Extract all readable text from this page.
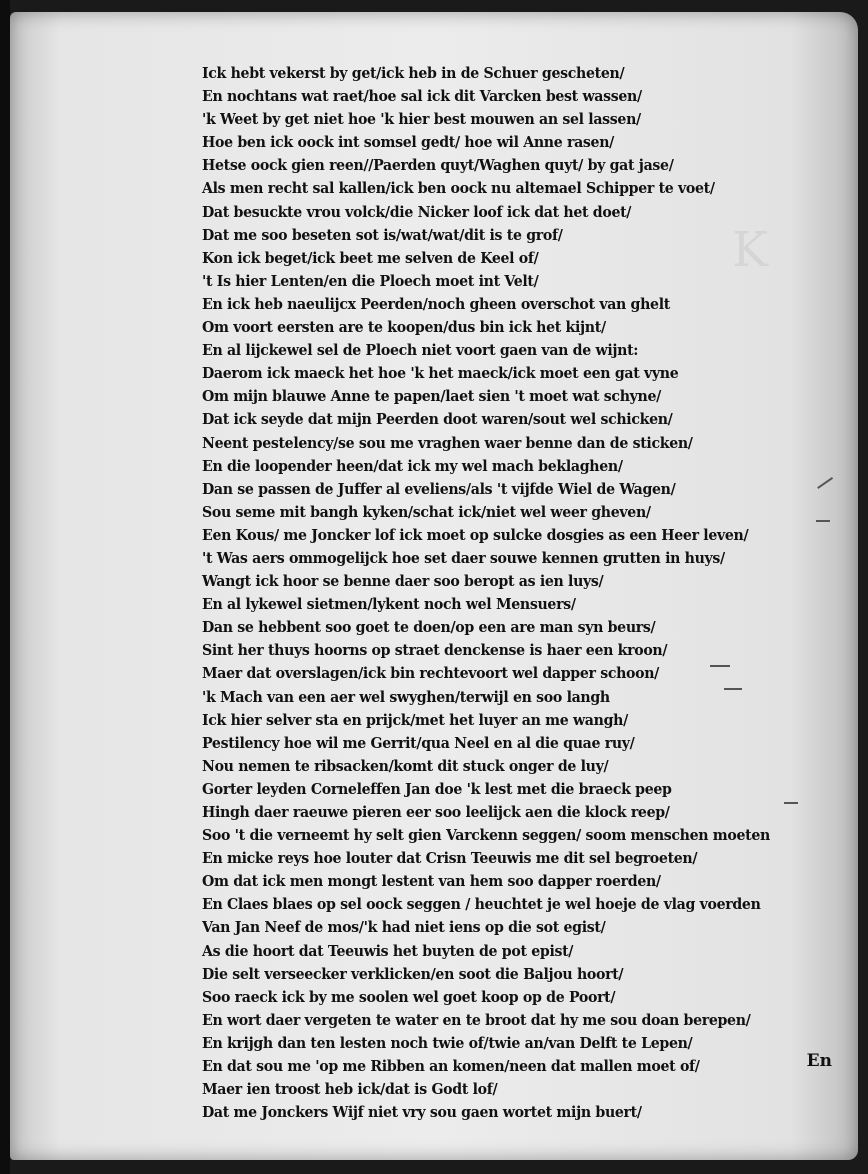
K
Ick hebt vekerst by get/ick heb in de Schuer gescheten/
En nochtans wat raet/hoe sal ick dit Varcken best wassen/
'k Weet by get niet hoe 'k hier best mouwen an sel lassen/
Hoe ben ick oock int somsel gedt/ hoe wil Anne rasen/
Hetse oock gien reen//Paerden quyt/Waghen quyt/ by gat jase/
Als men recht sal kallen/ick ben oock nu altemael Schipper te voet/
Dat besuckte vrou volck/die Nicker loof ick dat het doet/
Dat me soo beseten sot is/wat/wat/dit is te grof/
Kon ick beget/ick beet me selven de Keel of/
't Is hier Lenten/en die Ploech moet int Velt/
En ick heb naeulijcx Peerden/noch gheen overschot van ghelt
Om voort eersten are te koopen/dus bin ick het kijnt/
En al lijckewel sel de Ploech niet voort gaen van de wijnt:
Daerom ick maeck het hoe 'k het maeck/ick moet een gat vyne
Om mijn blauwe Anne te papen/laet sien 't moet wat schyne/
Dat ick seyde dat mijn Peerden doot waren/sout wel schicken/
Neent pestelency/se sou me vraghen waer benne dan de sticken/
En die loopender heen/dat ick my wel mach beklaghen/
Dan se passen de Juffer al eveliens/als 't vijfde Wiel de Wagen/
Sou seme mit bangh kyken/schat ick/niet wel weer gheven/
Een Kous/ me Joncker lof ick moet op sulcke dosgies as een Heer leven/
't Was aers ommogelijck hoe set daer souwe kennen grutten in huys/
Wangt ick hoor se benne daer soo beropt as ien luys/
En al lykewel sietmen/lykent noch wel Mensuers/
Dan se hebbent soo goet te doen/op een are man syn beurs/
Sint her thuys hoorns op straet denckense is haer een kroon/
Maer dat overslagen/ick bin rechtevoort wel dapper schoon/
'k Mach van een aer wel swyghen/terwijl en soo langh
Ick hier selver sta en prijck/met het luyer an me wangh/
Pestilency hoe wil me Gerrit/qua Neel en al die quae ruy/
Nou nemen te ribsacken/komt dit stuck onger de luy/
Gorter leyden Corneleffen Jan doe 'k lest met die braeck peep
Hingh daer raeuwe pieren eer soo leelijck aen die klock reep/
Soo 't die verneemt hy selt gien Varckenn seggen/ soom menschen moeten
En micke reys hoe louter dat Crisn Teeuwis me dit sel begroeten/
Om dat ick men mongt lestent van hem soo dapper roerden/
En Claes blaes op sel oock seggen / heuchtet je wel hoeje de vlag voerden
Van Jan Neef de mos/'k had niet iens op die sot egist/
As die hoort dat Teeuwis het buyten de pot epist/
Die selt verseecker verklicken/en soot die Baljou hoort/
Soo raeck ick by me soolen wel goet koop op de Poort/
En wort daer vergeten te water en te broot dat hy me sou doan berepen/
En krijgh dan ten lesten noch twie of/twie an/van Delft te Lepen/
En dat sou me 'op me Ribben an komen/neen dat mallen moet of/
Maer ien troost heb ick/dat is Godt lof/
Dat me Jonckers Wijf niet vry sou gaen wortet mijn buert/
En
